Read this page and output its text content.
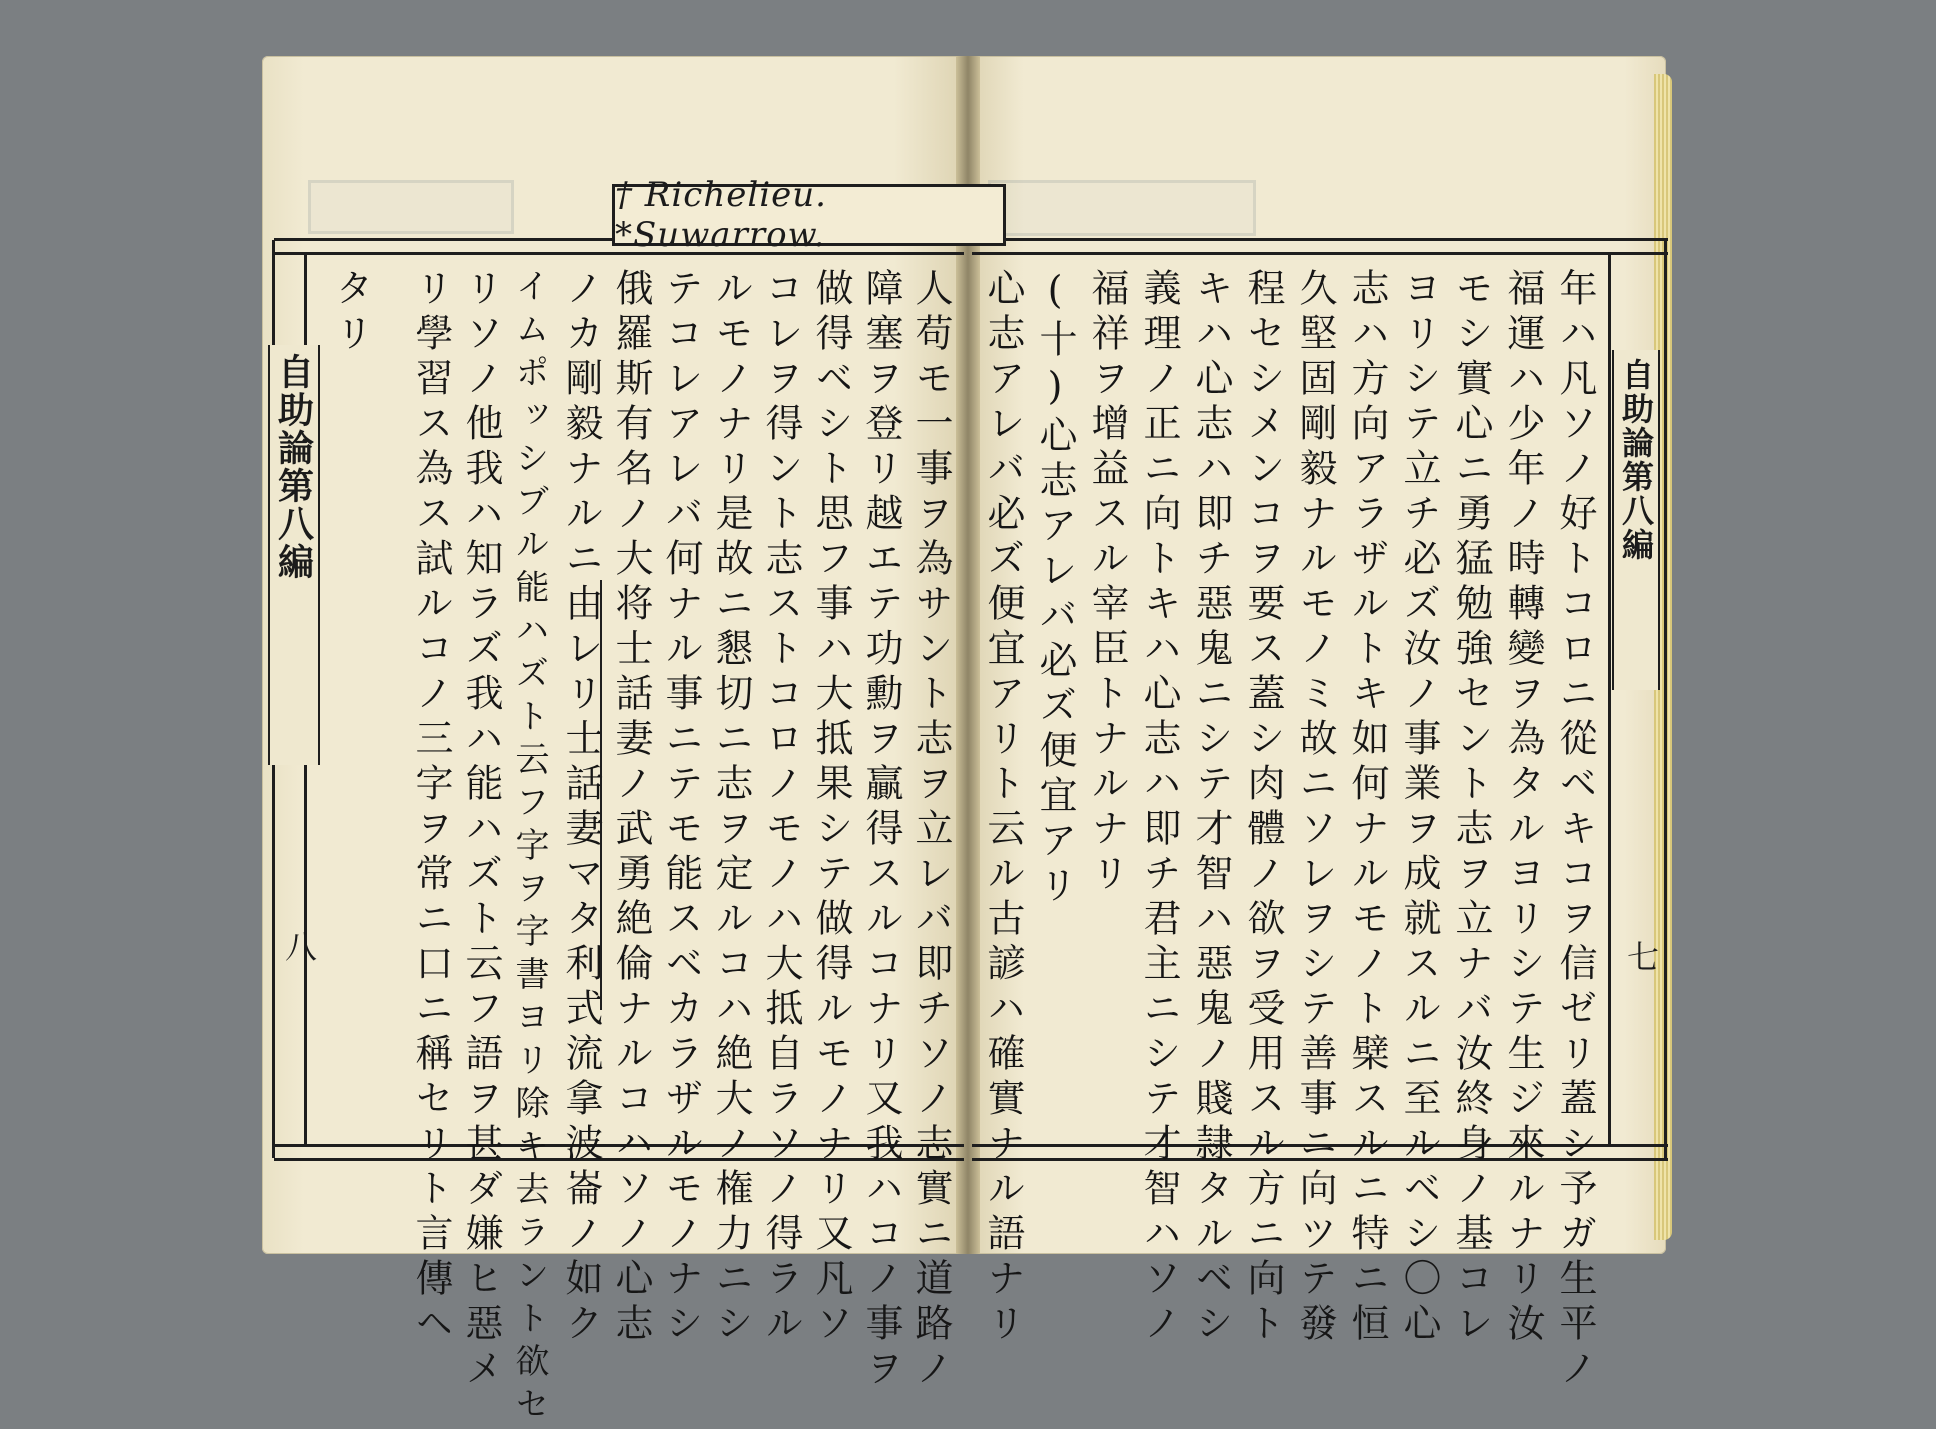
† Richelieu. *Suwarrow.
自助論第八編
八
自助論第八編
七
人苟モ一事ヲ為サント志ヲ立レバ即チソノ志實ニ道路ノ
障塞ヲ登リ越エテ功勳ヲ贏得スルコナリ又我ハコノ事ヲ
做得ベシト思フ事ハ大抵果シテ做得ルモノナリ又凡ソ
コレヲ得ント志ストコロノモノハ大抵自ラソノ得ラル
ルモノナリ是故ニ懇切ニ志ヲ定ルコハ絶大ノ権力ニシ
テコレアレバ何ナル事ニテモ能スベカラザルモノナシ
俄羅斯有名ノ大将士話妻ノ武勇絶倫ナルコハソノ心志
ノカ剛毅ナルニ由レリ士話妻マタ利式流拿波崙ノ如ク
イムポッシブル能ハズト云フ字ヲ字書ヨリ除キ去ラント欲セ
リソノ他我ハ知ラズ我ハ能ハズト云フ語ヲ甚ダ嫌ヒ惡メ
リ學習ス為ス試ルコノ三字ヲ常ニ口ニ稱セリト言傳ヘ
タリ	年ハ凡ソノ好トコロニ從ベキコヲ信ゼリ蓋シ予ガ生平ノ
福運ハ少年ノ時轉變ヲ為タルヨリシテ生ジ來ルナリ汝
モシ實心ニ勇猛勉強セント志ヲ立ナバ汝終身ノ基コレ
ヨリシテ立チ必ズ汝ノ事業ヲ成就スルニ至ルベシ〇心
志ハ方向アラザルトキ如何ナルモノト檗スルニ特ニ恒
久堅固剛毅ナルモノミ故ニソレヲシテ善事ニ向ツテ發
程セシメンコヲ要ス蓋シ肉體ノ欲ヲ受用スル方ニ向ト
キハ心志ハ即チ惡鬼ニシテ才智ハ惡鬼ノ賤隷タルベシ
義理ノ正ニ向トキハ心志ハ即チ君主ニシテ才智ハソノ
福祥ヲ增益スル宰臣トナルナリ
(十)心志アレバ必ズ便宜アリ
心志アレバ必ズ便宜アリト云ル古諺ハ確實ナル語ナリ
